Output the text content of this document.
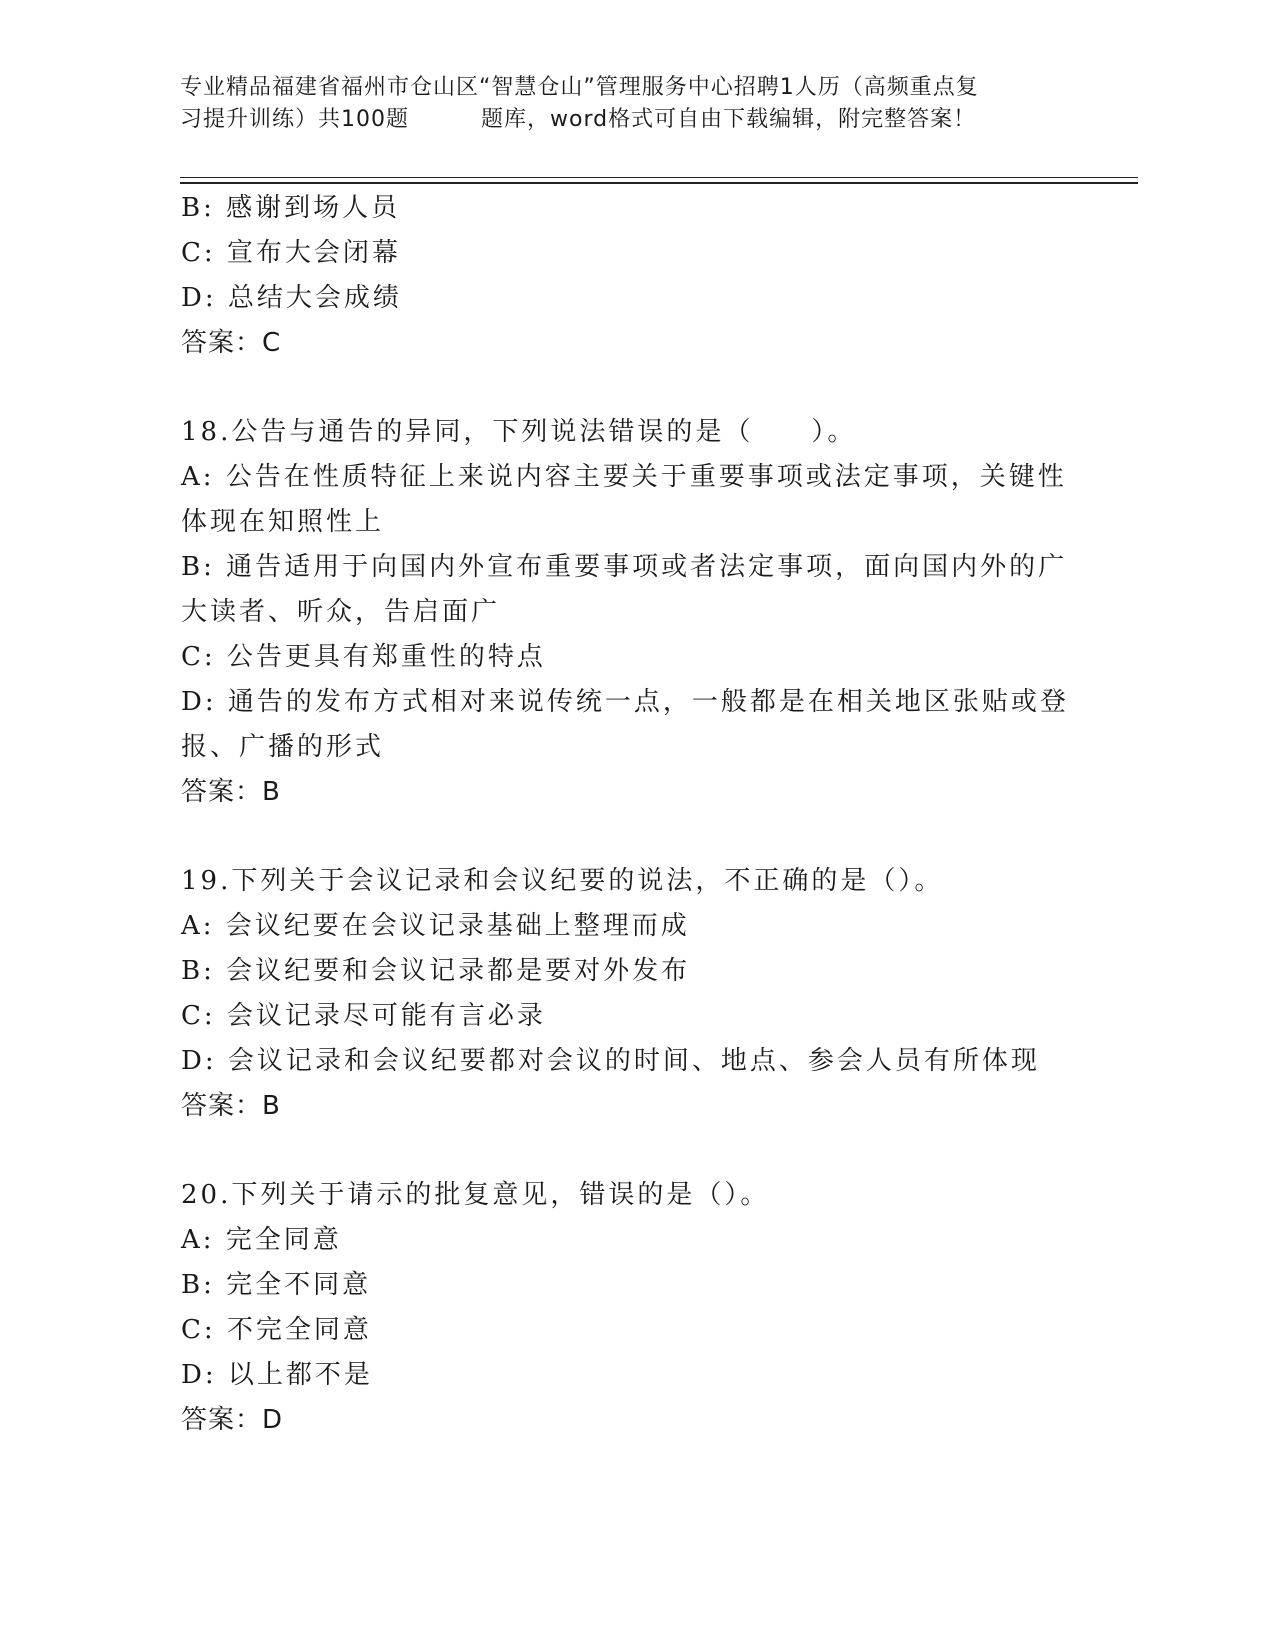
专业精品福建省福州市仓山区“智慧仓山”管理服务中心招聘1人历（高频重点复
习提升训练）共100题	题库，word格式可自由下载编辑，附完整答案！
B: 感谢到场人员
C: 宣布大会闭幕
D: 总结大会成绩
答案：C
18.公告与通告的异同，下列说法错误的是（　　）。
A: 公告在性质特征上来说内容主要关于重要事项或法定事项，关键性
体现在知照性上
B: 通告适用于向国内外宣布重要事项或者法定事项，面向国内外的广
大读者、听众，告启面广
C: 公告更具有郑重性的特点
D: 通告的发布方式相对来说传统一点，一般都是在相关地区张贴或登
报、广播的形式
答案：B
19.下列关于会议记录和会议纪要的说法，不正确的是（）。
A: 会议纪要在会议记录基础上整理而成
B: 会议纪要和会议记录都是要对外发布
C: 会议记录尽可能有言必录
D: 会议记录和会议纪要都对会议的时间、地点、参会人员有所体现
答案：B
20.下列关于请示的批复意见，错误的是（）。
A: 完全同意
B: 完全不同意
C: 不完全同意
D: 以上都不是
答案：D
